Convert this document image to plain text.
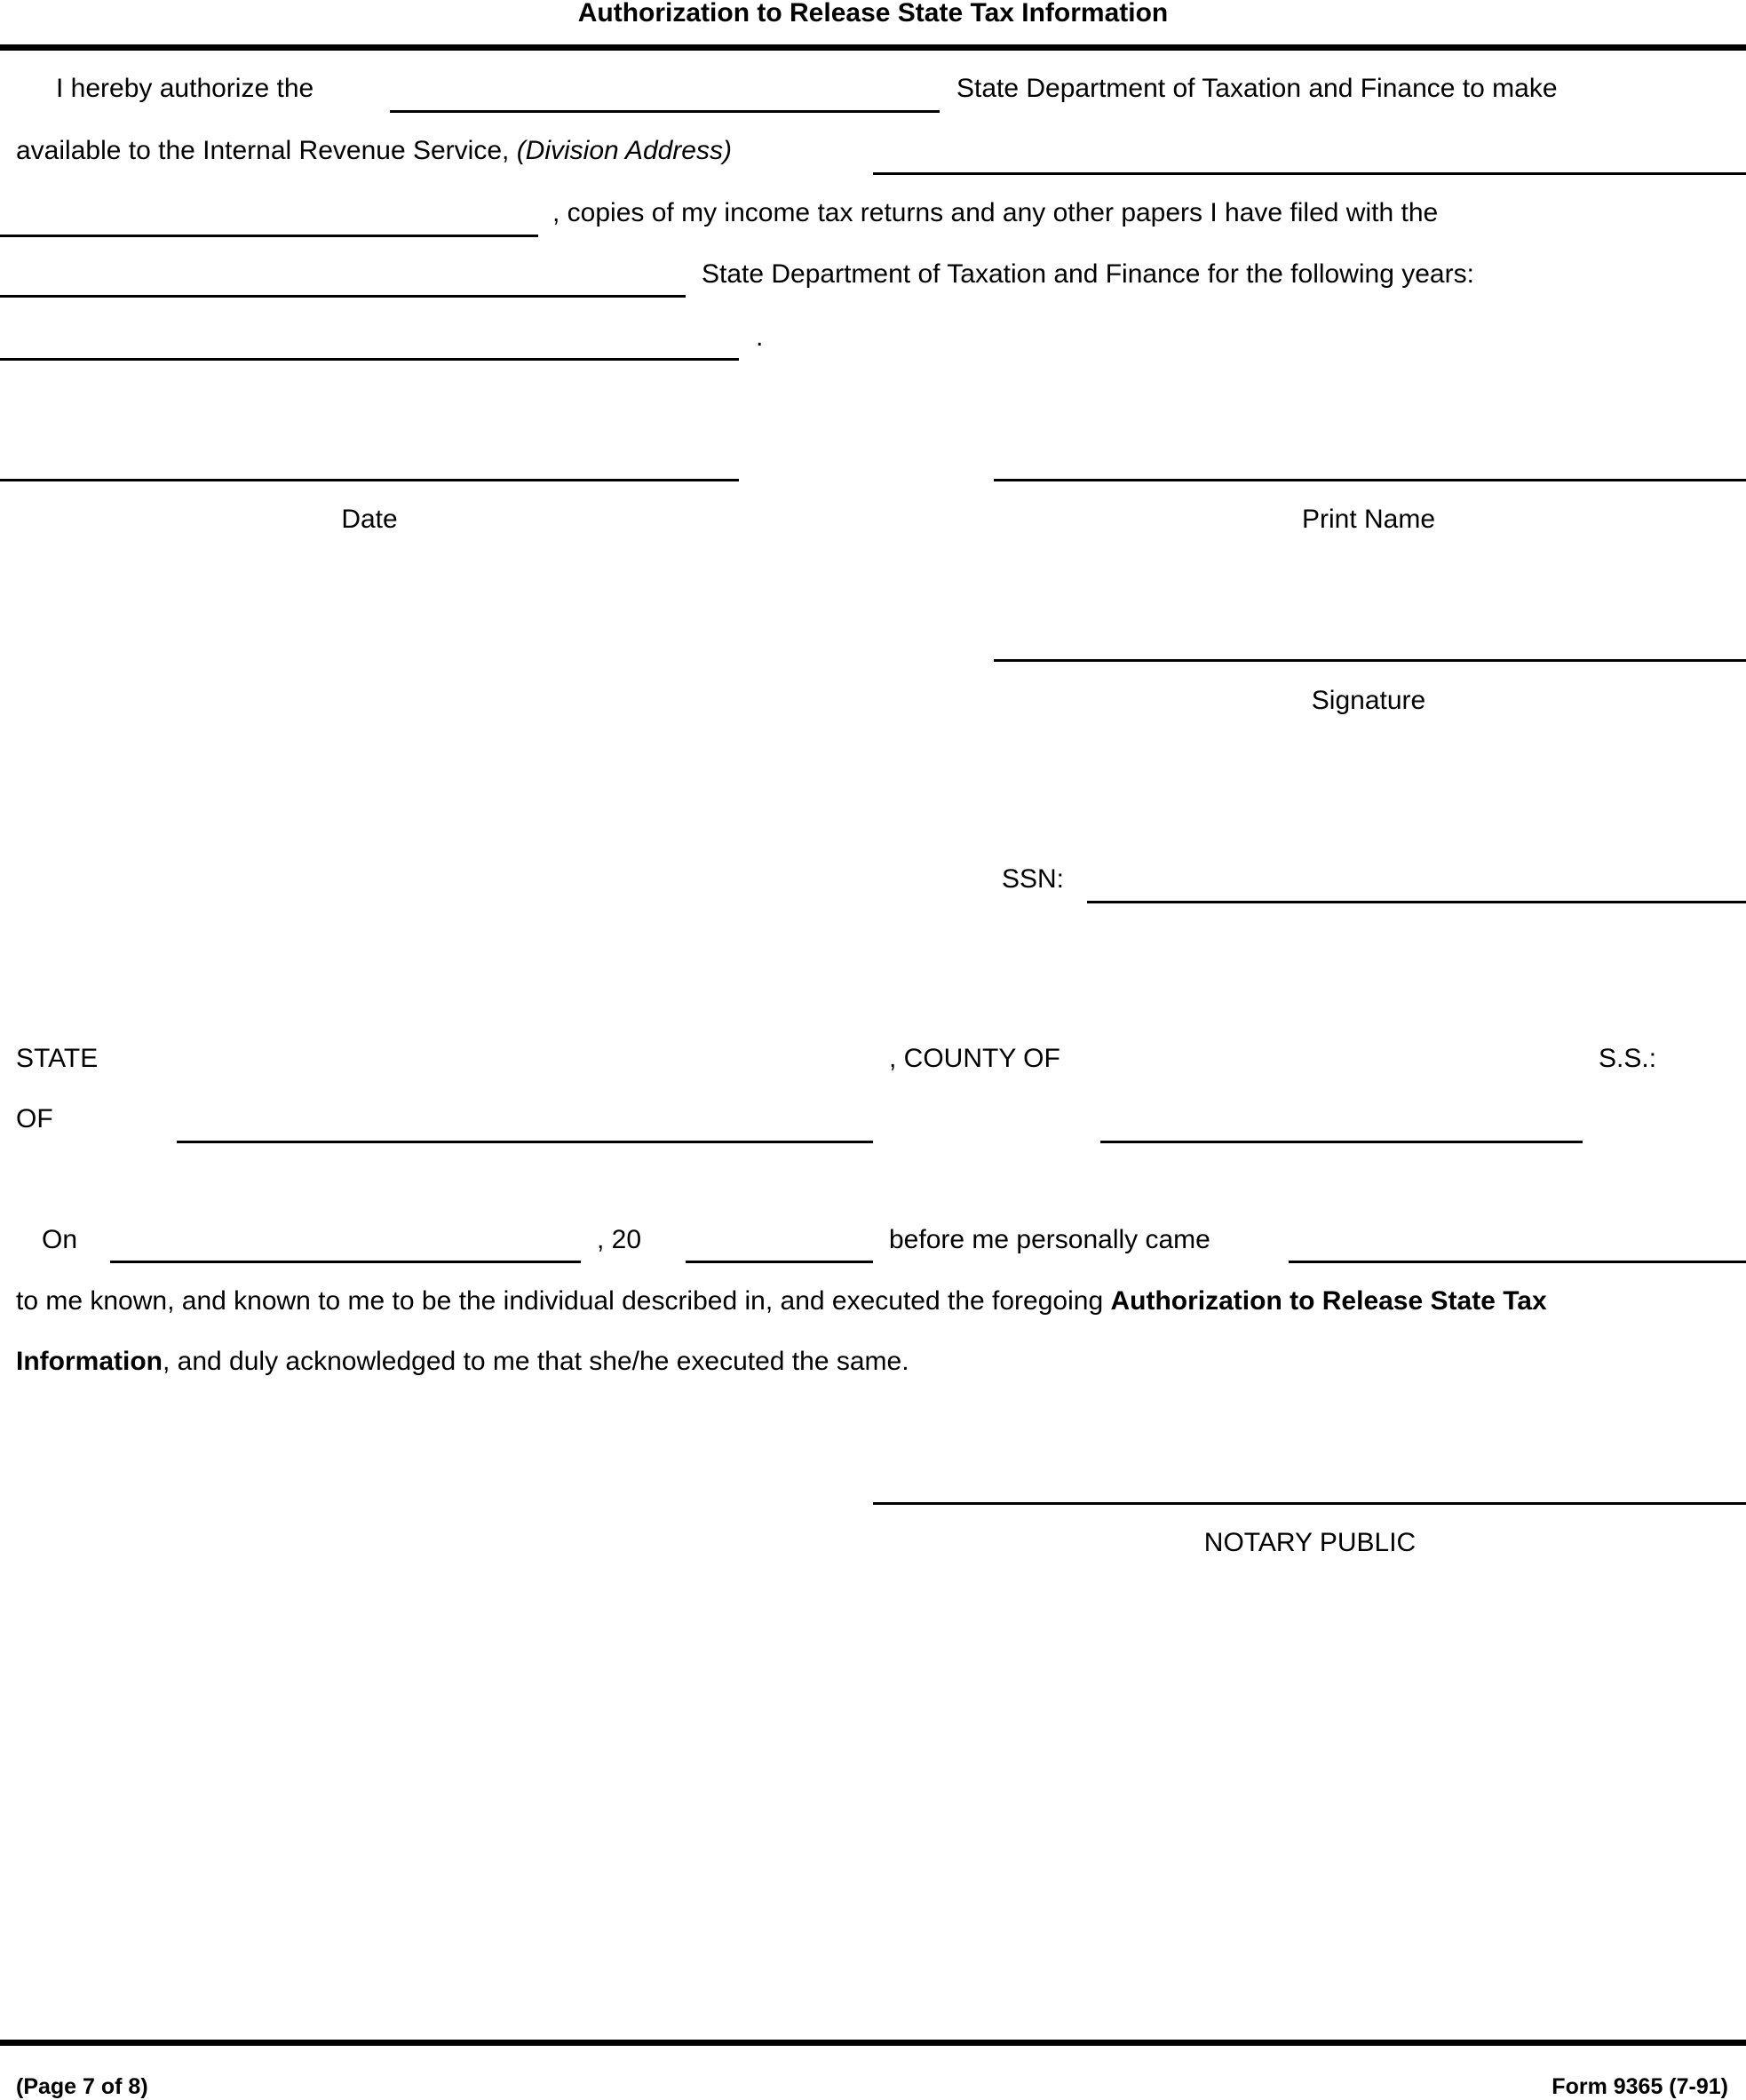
Authorization to Release State Tax Information
I hereby authorize the	State Department of Taxation and Finance to make
available to the Internal Revenue Service, (Division Address)
, copies of my income tax returns and any other papers I have filed with the
State Department of Taxation and Finance for the following years:
.
Date	Print Name
Signature
SSN:
STATE
OF
, COUNTY OF	S.S.:
On	, 20	before me personally came
to me known, and known to me to be the individual described in, and executed the foregoing Authorization to Release State Tax
Information, and duly acknowledged to me that she/he executed the same.
NOTARY PUBLIC
(Page 7 of 8)	Form 9365 (7-91)
